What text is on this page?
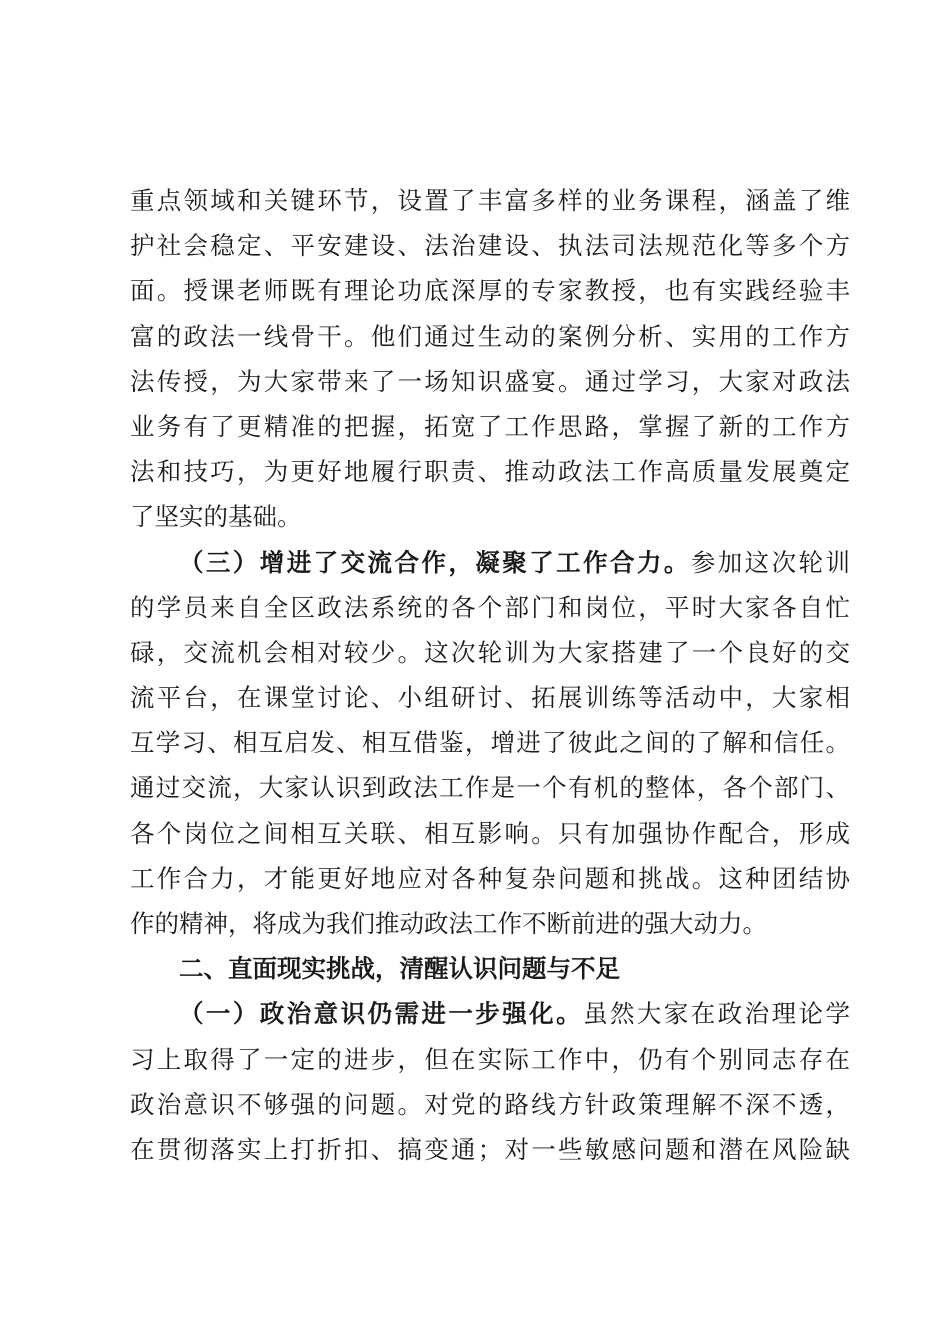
重点领域和关键环节，设置了丰富多样的业务课程，涵盖了维
护社会稳定、平安建设、法治建设、执法司法规范化等多个方
面。授课老师既有理论功底深厚的专家教授，也有实践经验丰
富的政法一线骨干。他们通过生动的案例分析、实用的工作方
法传授，为大家带来了一场知识盛宴。通过学习，大家对政法
业务有了更精准的把握，拓宽了工作思路，掌握了新的工作方
法和技巧，为更好地履行职责、推动政法工作高质量发展奠定
了坚实的基础。
（三）增进了交流合作，凝聚了工作合力。参加这次轮训
的学员来自全区政法系统的各个部门和岗位，平时大家各自忙
碌，交流机会相对较少。这次轮训为大家搭建了一个良好的交
流平台，在课堂讨论、小组研讨、拓展训练等活动中，大家相
互学习、相互启发、相互借鉴，增进了彼此之间的了解和信任。
通过交流，大家认识到政法工作是一个有机的整体，各个部门、
各个岗位之间相互关联、相互影响。只有加强协作配合，形成
工作合力，才能更好地应对各种复杂问题和挑战。这种团结协
作的精神，将成为我们推动政法工作不断前进的强大动力。
二、直面现实挑战，清醒认识问题与不足
（一）政治意识仍需进一步强化。虽然大家在政治理论学
习上取得了一定的进步，但在实际工作中，仍有个别同志存在
政治意识不够强的问题。对党的路线方针政策理解不深不透，
在贯彻落实上打折扣、搞变通；对一些敏感问题和潜在风险缺
